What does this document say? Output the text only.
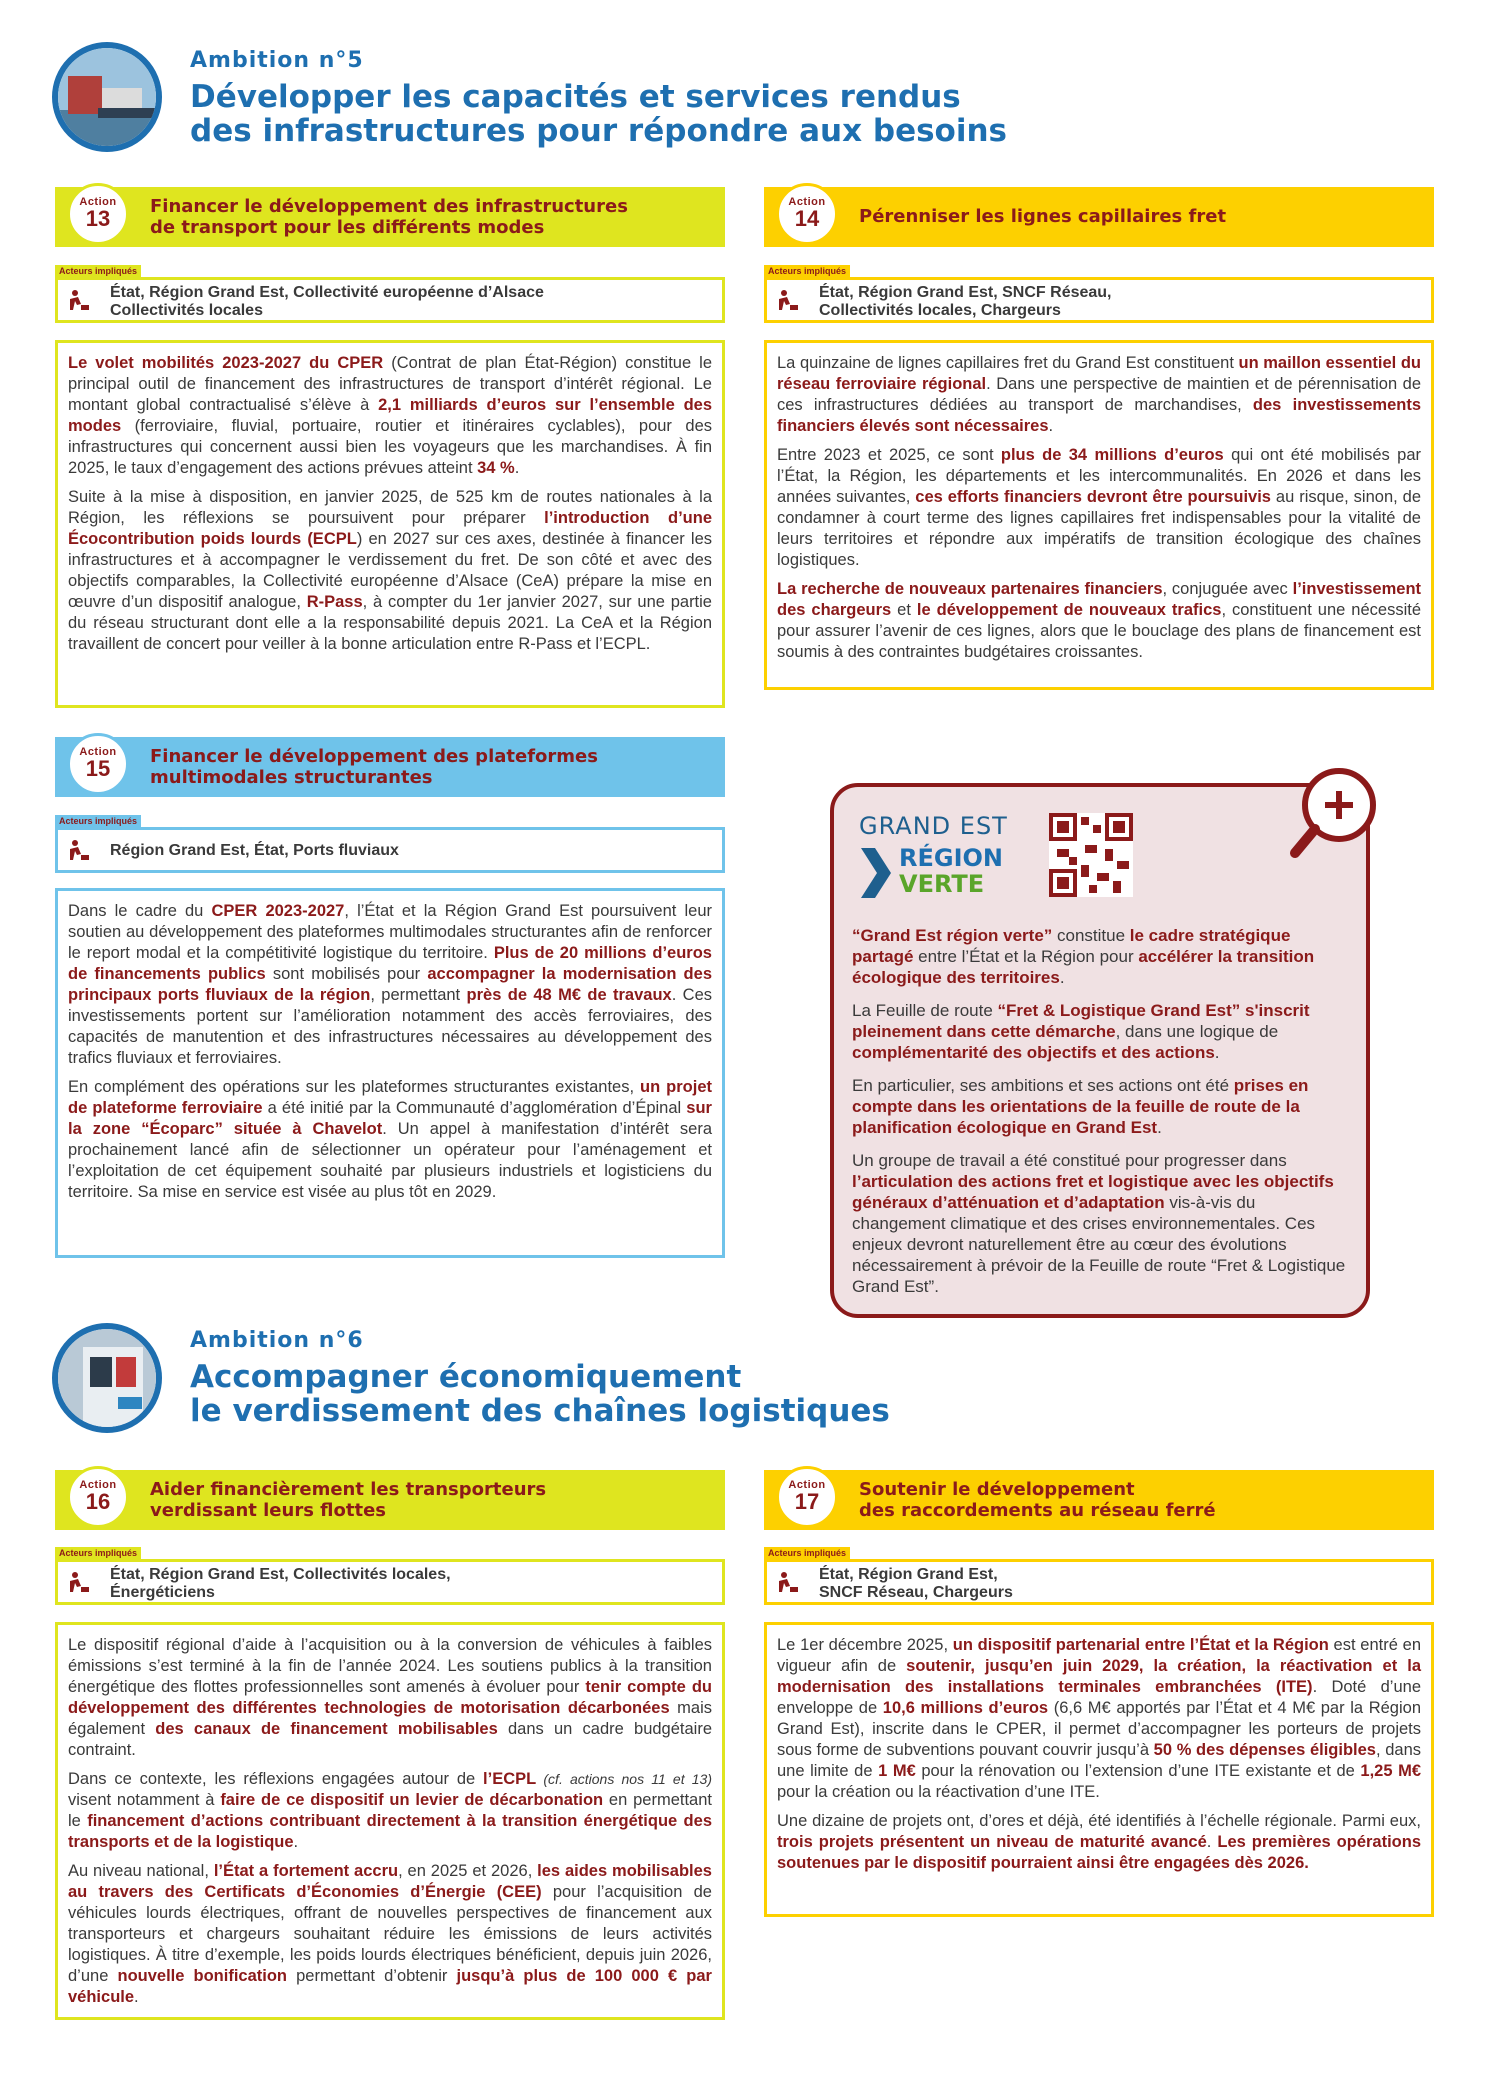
Ambition n°5
Développer les capacités et services rendus
des infrastructures pour répondre aux besoins
Action
13	Financer le développement des infrastructures
de transport pour les différents modes
Acteurs impliqués
État, Région Grand Est, Collectivité européenne d’Alsace
Collectivités locales

Le volet mobilités 2023-2027 du CPER (Contrat de plan État-Région) constitue le principal outil de financement des infrastructures de transport d’intérêt régional. Le montant global contractualisé s’élève à 2,1 milliards d’euros sur l’ensemble des modes (ferroviaire, fluvial, portuaire, routier et itinéraires cyclables), pour des infrastructures qui concernent aussi bien les voyageurs que les marchandises. À fin 2025, le taux d’engagement des actions prévues atteint 34 %.

Suite à la mise à disposition, en janvier 2025, de 525 km de routes nationales à la Région, les réflexions se poursuivent pour préparer l’introduction d’une Écocontribution poids lourds (ECPL) en 2027 sur ces axes, destinée à financer les infrastructures et à accompagner le verdissement du fret. De son côté et avec des objectifs comparables, la Collectivité européenne d’Alsace (CeA) prépare la mise en œuvre d’un dispositif analogue, R-Pass, à compter du 1er janvier 2027, sur une partie du réseau structurant dont elle a la responsabilité depuis 2021. La CeA et la Région travaillent de concert pour veiller à la bonne articulation entre R-Pass et l’ECPL.

Action
14	Pérenniser les lignes capillaires fret
Acteurs impliqués
État, Région Grand Est, SNCF Réseau,
Collectivités locales, Chargeurs

La quinzaine de lignes capillaires fret du Grand Est constituent un maillon essentiel du réseau ferroviaire régional. Dans une perspective de maintien et de pérennisation de ces infrastructures dédiées au transport de marchandises, des investissements financiers élevés sont nécessaires.

Entre 2023 et 2025, ce sont plus de 34 millions d’euros qui ont été mobilisés par l’État, la Région, les départements et les intercommunalités. En 2026 et dans les années suivantes, ces efforts financiers devront être poursuivis au risque, sinon, de condamner à court terme des lignes capillaires fret indispensables pour la vitalité de leurs territoires et répondre aux impératifs de transition écologique des chaînes logistiques.

La recherche de nouveaux partenaires financiers, conjuguée avec l’investissement des chargeurs et le développement de nouveaux trafics, constituent une nécessité pour assurer l’avenir de ces lignes, alors que le bouclage des plans de financement est soumis à des contraintes budgétaires croissantes.

Action
15	Financer le développement des plateformes
multimodales structurantes
Acteurs impliqués
Région Grand Est, État, Ports fluviaux

Dans le cadre du CPER 2023-2027, l’État et la Région Grand Est poursuivent leur soutien au développement des plateformes multimodales structurantes afin de renforcer le report modal et la compétitivité logistique du territoire. Plus de 20 millions d’euros de financements publics sont mobilisés pour accompagner la modernisation des principaux ports fluviaux de la région, permettant près de 48 M€ de travaux. Ces investissements portent sur l’amélioration notamment des accès ferroviaires, des capacités de manutention et des infrastructures nécessaires au développement des trafics fluviaux et ferroviaires.

En complément des opérations sur les plateformes structurantes existantes, un projet de plateforme ferroviaire a été initié par la Communauté d’agglomération d’Épinal sur la zone “Écoparc” située à Chavelot. Un appel à manifestation d’intérêt sera prochainement lancé afin de sélectionner un opérateur pour l’aménagement et l’exploitation de cet équipement souhaité par plusieurs industriels et logisticiens du territoire. Sa mise en service est visée au plus tôt en 2029.

GRAND EST
RÉGION
VERTE

“Grand Est région verte” constitue le cadre stratégique partagé entre l’État et la Région pour accélérer la transition écologique des territoires.

La Feuille de route “Fret & Logistique Grand Est” s'inscrit pleinement dans cette démarche, dans une logique de complémentarité des objectifs et des actions.

En particulier, ses ambitions et ses actions ont été prises en compte dans les orientations de la feuille de route de la planification écologique en Grand Est.

Un groupe de travail a été constitué pour progresser dans l’articulation des actions fret et logistique avec les objectifs généraux d’atténuation et d’adaptation vis-à-vis du changement climatique et des crises environnementales. Ces enjeux devront naturellement être au cœur des évolutions nécessairement à prévoir de la Feuille de route “Fret & Logistique Grand Est”.

Ambition n°6
Accompagner économiquement
le verdissement des chaînes logistiques
Action
16	Aider financièrement les transporteurs
verdissant leurs flottes
Acteurs impliqués
État, Région Grand Est, Collectivités locales,
Énergéticiens

Le dispositif régional d’aide à l’acquisition ou à la conversion de véhicules à faibles émissions s’est terminé à la fin de l’année 2024. Les soutiens publics à la transition énergétique des flottes professionnelles sont amenés à évoluer pour tenir compte du développement des différentes technologies de motorisation décarbonées mais également des canaux de financement mobilisables dans un cadre budgétaire contraint.

Dans ce contexte, les réflexions engagées autour de l’ECPL (cf. actions nos 11 et 13) visent notamment à faire de ce dispositif un levier de décarbonation en permettant le financement d’actions contribuant directement à la transition énergétique des transports et de la logistique.

Au niveau national, l’État a fortement accru, en 2025 et 2026, les aides mobilisables au travers des Certificats d’Économies d’Énergie (CEE) pour l’acquisition de véhicules lourds électriques, offrant de nouvelles perspectives de financement aux transporteurs et chargeurs souhaitant réduire les émissions de leurs activités logistiques. À titre d’exemple, les poids lourds électriques bénéficient, depuis juin 2026, d’une nouvelle bonification permettant d’obtenir jusqu’à plus de 100 000 € par véhicule.

Action
17	Soutenir le développement
des raccordements au réseau ferré
Acteurs impliqués
État, Région Grand Est,
SNCF Réseau, Chargeurs

Le 1er décembre 2025, un dispositif partenarial entre l’État et la Région est entré en vigueur afin de soutenir, jusqu’en juin 2029, la création, la réactivation et la modernisation des installations terminales embranchées (ITE). Doté d’une enveloppe de 10,6 millions d’euros (6,6 M€ apportés par l’État et 4 M€ par la Région Grand Est), inscrite dans le CPER, il permet d’accompagner les porteurs de projets sous forme de subventions pouvant couvrir jusqu’à 50 % des dépenses éligibles, dans une limite de 1 M€ pour la rénovation ou l’extension d’une ITE existante et de 1,25 M€ pour la création ou la réactivation d’une ITE.

Une dizaine de projets ont, d’ores et déjà, été identifiés à l’échelle régionale. Parmi eux, trois projets présentent un niveau de maturité avancé. Les premières opérations soutenues par le dispositif pourraient ainsi être engagées dès 2026.
